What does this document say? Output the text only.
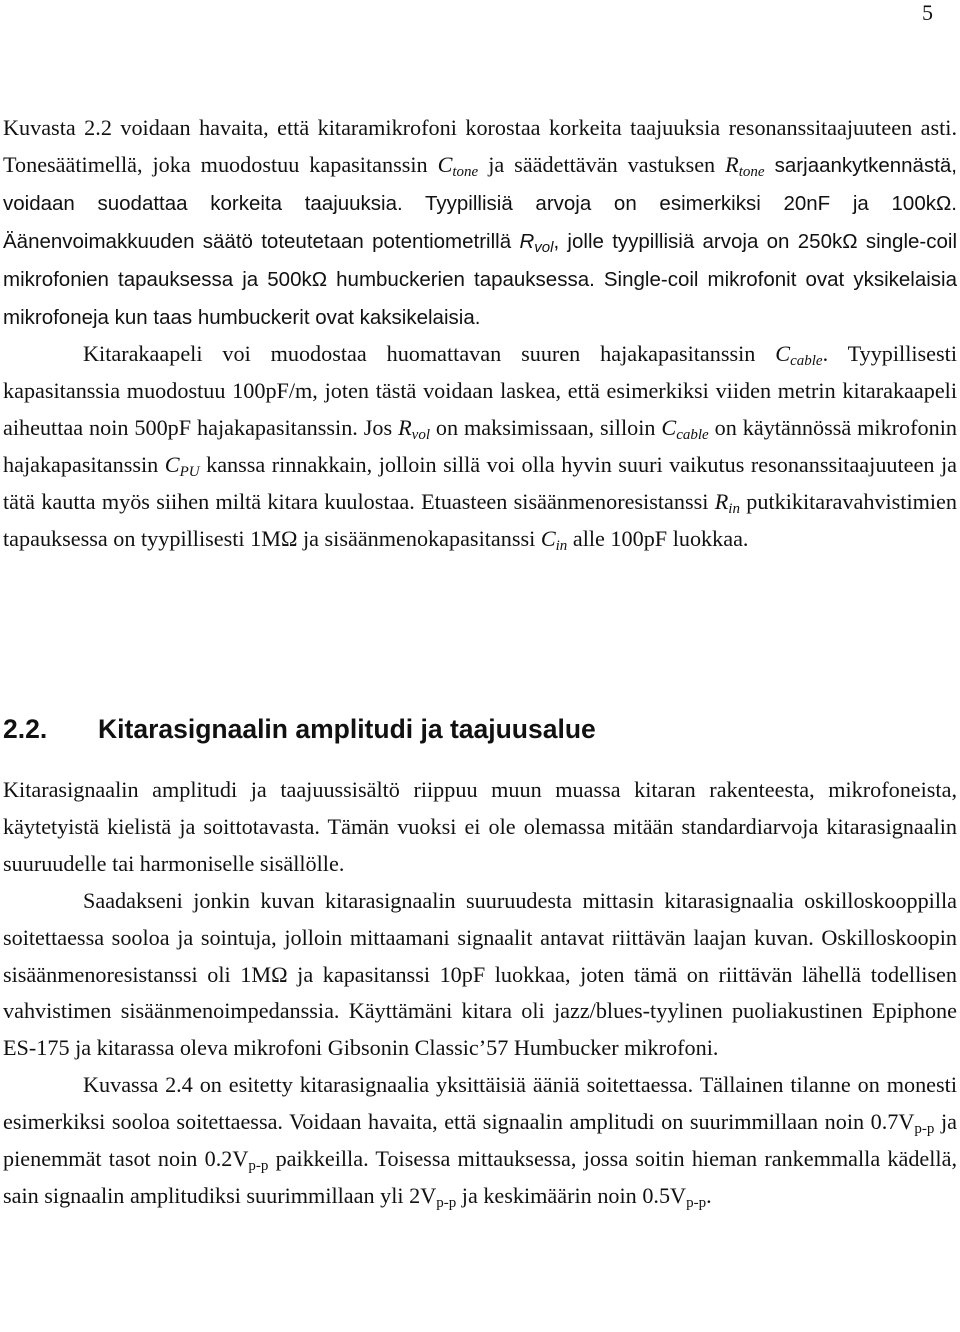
5

Kuvasta 2.2 voidaan havaita, että kitaramikrofoni korostaa korkeita taajuuksia resonanssitaajuuteen asti. Tonesäätimellä, joka muodostuu kapasitanssin $C_{tone}$ ja säädettävän vastuksen $R_{tone}$ sarjaankytkennästä, voidaan suodattaa korkeita taajuuksia. Tyypillisiä arvoja on esimerkiksi 20nF ja 100kΩ. Äänenvoimakkuuden säätö toteutetaan potentiometrillä $R_{vol}$, jolle tyypillisiä arvoja on 250kΩ single-coil mikrofonien tapauksessa ja 500kΩ humbuckerien tapauksessa. Single-coil mikrofonit ovat yksikelaisia mikrofoneja kun taas humbuckerit ovat kaksikelaisia.

Kitarakaapeli voi muodostaa huomattavan suuren hajakapasitanssin $C_{cable}$. Tyypillisesti kapasitanssia muodostuu 100pF/m, joten tästä voidaan laskea, että esimerkiksi viiden metrin kitarakaapeli aiheuttaa noin 500pF hajakapasitanssin. Jos $R_{vol}$ on maksimissaan, silloin $C_{cable}$ on käytännössä mikrofonin hajakapasitanssin $C_{PU}$ kanssa rinnakkain, jolloin sillä voi olla hyvin suuri vaikutus resonanssitaajuuteen ja tätä kautta myös siihen miltä kitara kuulostaa. Etuasteen sisäänmenoresistanssi $R_{in}$ putkikitaravahvistimien tapauksessa on tyypillisesti 1MΩ ja sisäänmenokapasitanssi $C_{in}$ alle 100pF luokkaa.

2.2. Kitarasignaalin amplitudi ja taajuusalue

Kitarasignaalin amplitudi ja taajuussisältö riippuu muun muassa kitaran rakenteesta, mikrofoneista, käytetyistä kielistä ja soittotavasta. Tämän vuoksi ei ole olemassa mitään standardiarvoja kitarasignaalin suuruudelle tai harmoniselle sisällölle.

Saadakseni jonkin kuvan kitarasignaalin suuruudesta mittasin kitarasignaalia oskilloskooppilla soitettaessa sooloa ja sointuja, jolloin mittaamani signaalit antavat riittävän laajan kuvan. Oskilloskoopin sisäänmenoresistanssi oli 1MΩ ja kapasitanssi 10pF luokkaa, joten tämä on riittävän lähellä todellisen vahvistimen sisäänmenoimpedanssia. Käyttämäni kitara oli jazz/blues-tyylinen puoliakustinen Epiphone ES-175 ja kitarassa oleva mikrofoni Gibsonin Classic’57 Humbucker mikrofoni.

Kuvassa 2.4 on esitetty kitarasignaalia yksittäisiä ääniä soitettaessa. Tällainen tilanne on monesti esimerkiksi sooloa soitettaessa. Voidaan havaita, että signaalin amplitudi on suurimmillaan noin $0.7V_{p-p}$ ja pienemmät tasot noin $0.2V_{p-p}$ paikkeilla. Toisessa mittauksessa, jossa soitin hieman rankemmalla kädellä, sain signaalin amplitudiksi suurimmillaan yli $2V_{p-p}$ ja keskimäärin noin $0.5V_{p-p}$.
